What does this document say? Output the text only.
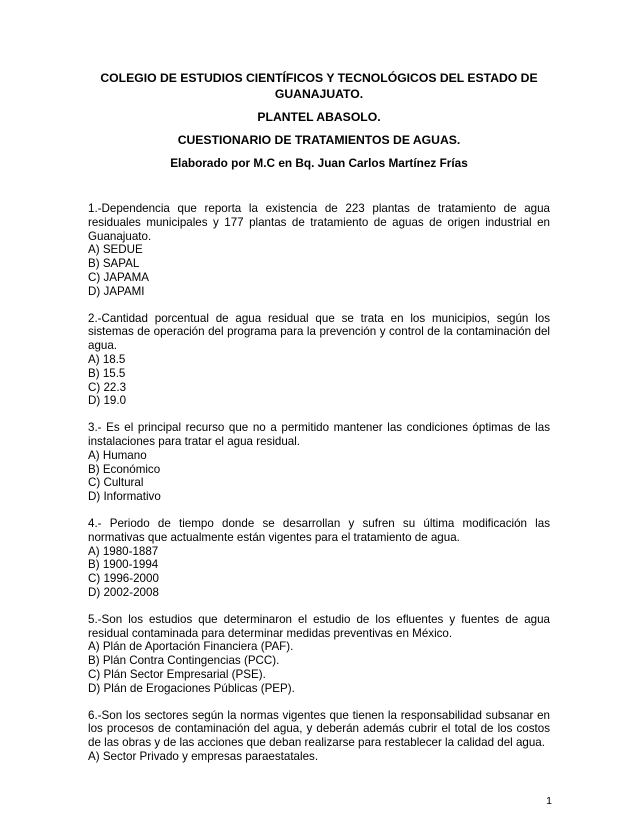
COLEGIO DE ESTUDIOS CIENTÍFICOS Y TECNOLÓGICOS DEL ESTADO DE GUANAJUATO.
PLANTEL ABASOLO.
CUESTIONARIO DE TRATAMIENTOS DE AGUAS.
Elaborado por M.C en Bq. Juan Carlos Martínez Frías
1.-Dependencia que reporta la existencia de 223 plantas de tratamiento de agua residuales municipales y 177 plantas de tratamiento de aguas de origen industrial en Guanajuato.
A) SEDUE
B) SAPAL
C) JAPAMA
D) JAPAMI
2.-Cantidad porcentual de agua residual que se trata en los municipios, según los sistemas de operación del programa para la prevención y control de la contaminación del agua.
A) 18.5
B) 15.5
C) 22.3
D) 19.0
3.- Es el principal recurso que no a permitido mantener las condiciones óptimas de las instalaciones para tratar el agua residual.
A) Humano
B) Económico
C) Cultural
D) Informativo
4.- Periodo de tiempo donde se desarrollan y sufren su última modificación las normativas que actualmente están vigentes para el tratamiento de agua.
A) 1980-1887
B) 1900-1994
C) 1996-2000
D) 2002-2008
5.-Son los estudios que determinaron el estudio de los efluentes y fuentes de agua residual contaminada para determinar medidas preventivas en México.
A) Plán de Aportación Financiera (PAF).
B) Plán Contra Contingencias (PCC).
C) Plán Sector Empresarial (PSE).
D) Plán de Erogaciones Públicas (PEP).
6.-Son los sectores según la normas vigentes que tienen la responsabilidad subsanar en los procesos de contaminación del agua, y deberán además cubrir el total de los costos de las obras y de las acciones que deban realizarse para restablecer la calidad del agua.
A) Sector Privado y empresas paraestatales.
1
